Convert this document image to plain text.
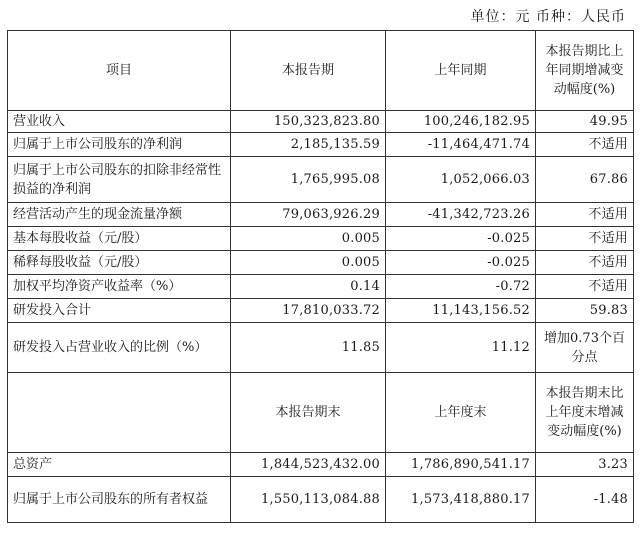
单位：元 币种：人民币
项目	本报告期	上年同期	本报告期比上年同期增减变动幅度(%)
营业收入	150,323,823.80	100,246,182.95	49.95
归属于上市公司股东的净利润	2,185,135.59	-11,464,471.74	不适用
归属于上市公司股东的扣除非经常性损益的净利润	1,765,995.08	1,052,066.03	67.86
经营活动产生的现金流量净额	79,063,926.29	-41,342,723.26	不适用
基本每股收益（元/股）	0.005	-0.025	不适用
稀释每股收益（元/股）	0.005	-0.025	不适用
加权平均净资产收益率（%）	0.14	-0.72	不适用
研发投入合计	17,810,033.72	11,143,156.52	59.83
研发投入占营业收入的比例（%）	11.85	11.12	增加0.73个百分点
	本报告期末	上年度末	本报告期末比上年度末增减变动幅度(%)
总资产	1,844,523,432.00	1,786,890,541.17	3.23
归属于上市公司股东的所有者权益	1,550,113,084.88	1,573,418,880.17	-1.48
